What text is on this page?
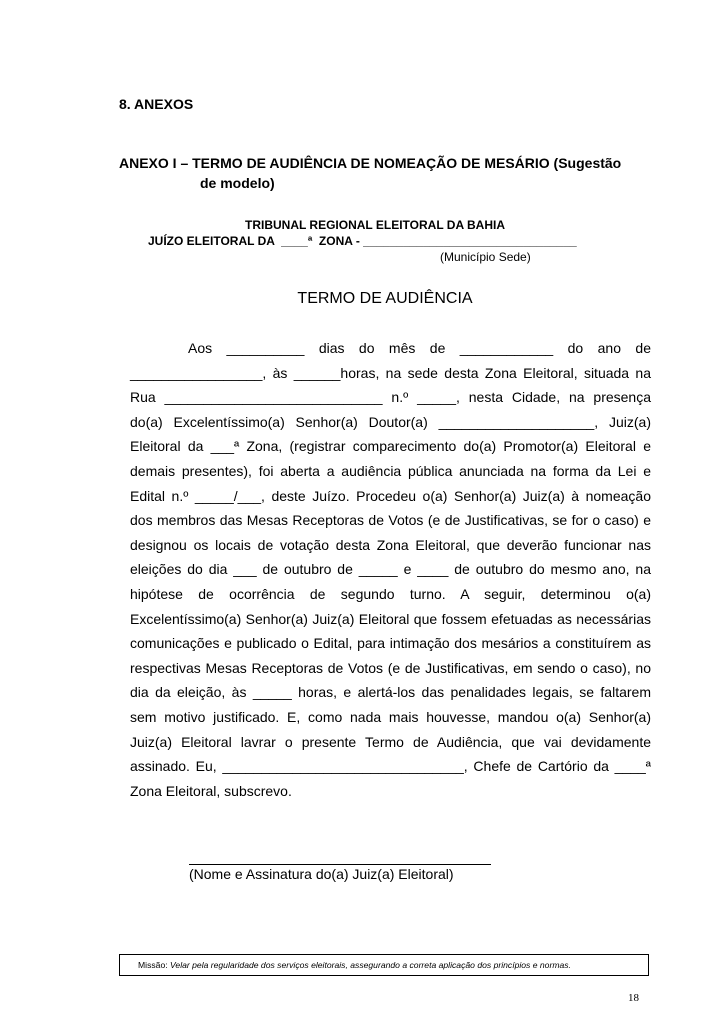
8. ANEXOS
ANEXO I – TERMO DE AUDIÊNCIA DE NOMEAÇÃO DE MESÁRIO (Sugestão
de modelo)
TRIBUNAL REGIONAL ELEITORAL DA BAHIA
JUÍZO ELEITORAL DA  ____ª  ZONA - ________________________________
(Município Sede)
TERMO DE AUDIÊNCIA

Aos __________ dias do mês de ____________ do ano de _________________, às ______horas, na sede desta Zona Eleitoral, situada na Rua ____________________________ n.º _____, nesta Cidade, na presença do(a) Excelentíssimo(a) Senhor(a) Doutor(a) ____________________, Juiz(a) Eleitoral da ___ª Zona, (registrar comparecimento do(a) Promotor(a) Eleitoral e demais presentes), foi aberta a audiência pública anunciada na forma da Lei e Edital n.º _____/___, deste Juízo. Procedeu o(a) Senhor(a) Juiz(a) à nomeação dos membros das Mesas Receptoras de Votos (e de Justificativas, se for o caso) e designou os locais de votação desta Zona Eleitoral, que deverão funcionar nas eleições do dia ___ de outubro de _____ e ____ de outubro do mesmo ano, na hipótese de ocorrência de segundo turno. A seguir, determinou o(a) Excelentíssimo(a) Senhor(a) Juiz(a) Eleitoral que fossem efetuadas as necessárias comunicações e publicado o Edital, para intimação dos mesários a constituírem as respectivas Mesas Receptoras de Votos (e de Justificativas, em sendo o caso), no dia da eleição, às _____ horas, e alertá-los das penalidades legais, se faltarem sem motivo justificado. E, como nada mais houvesse, mandou o(a) Senhor(a) Juiz(a) Eleitoral lavrar o presente Termo de Audiência, que vai devidamente assinado. Eu, _______________________________, Chefe de Cartório da ____ª Zona Eleitoral, subscrevo.

(Nome e Assinatura do(a) Juiz(a) Eleitoral)
Missão: Velar pela regularidade dos serviços eleitorais, assegurando a correta aplicação dos princípios e normas.
18
